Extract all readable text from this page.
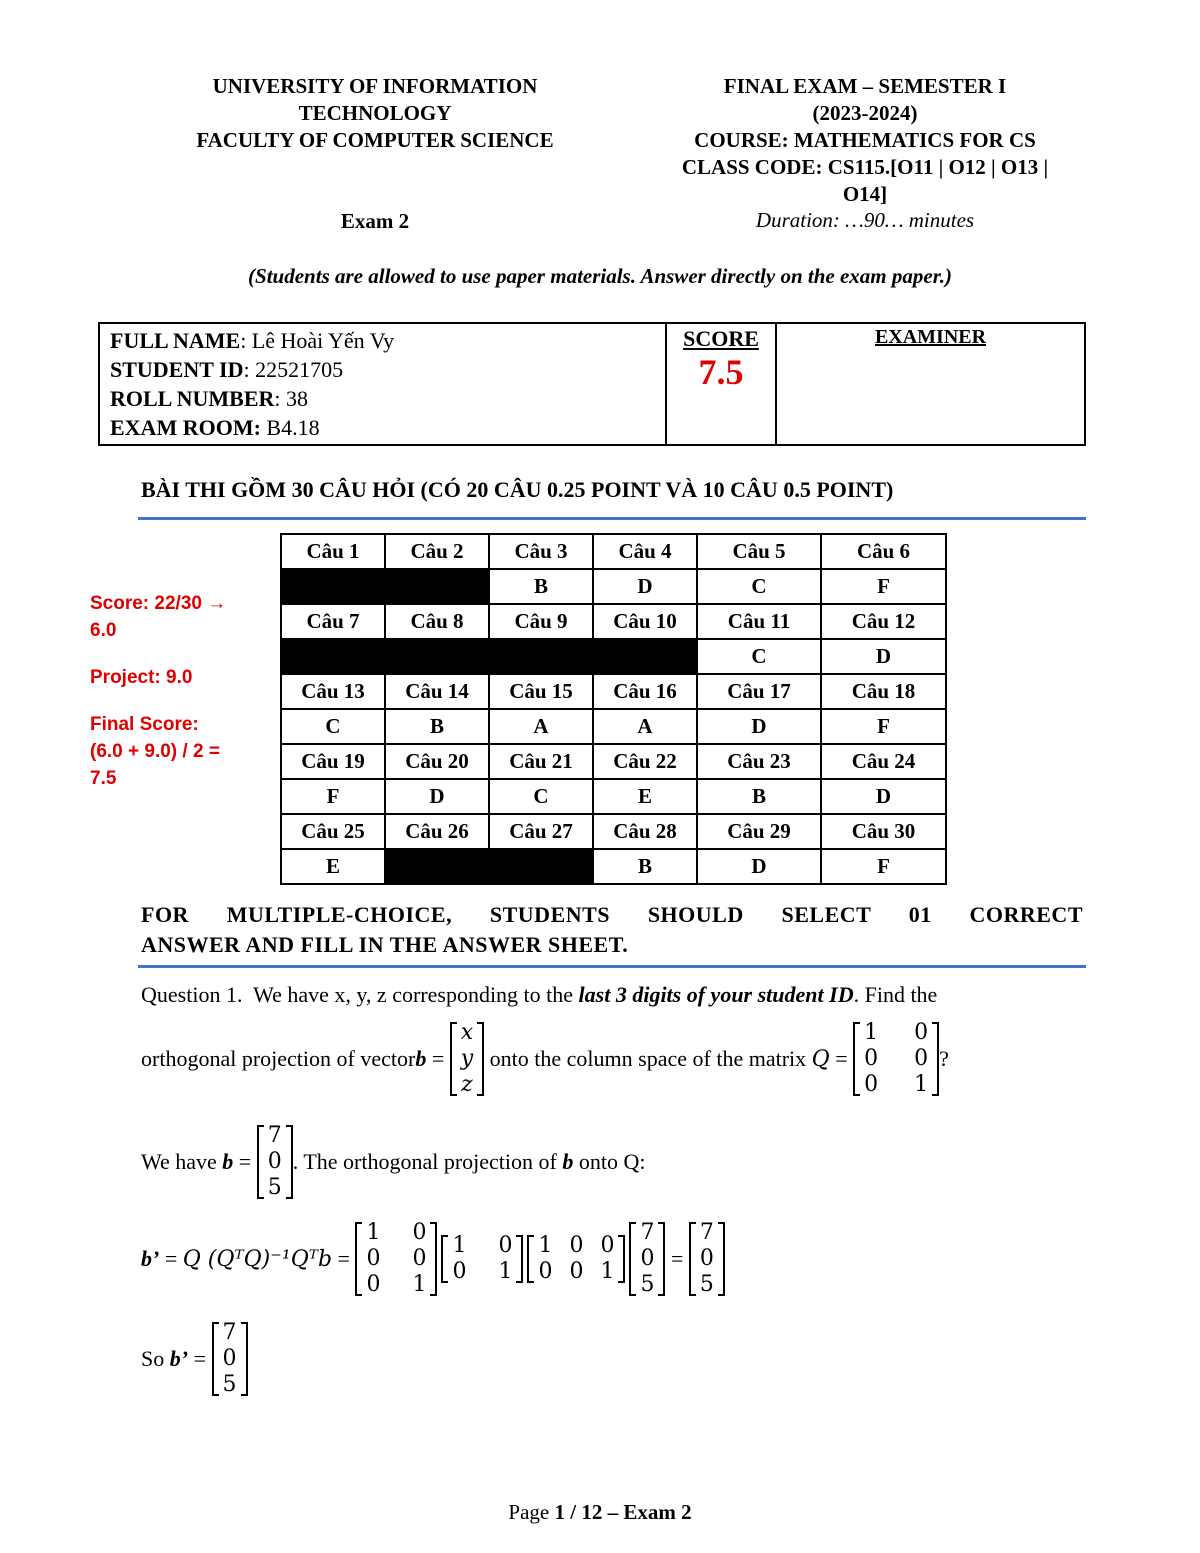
UNIVERSITY OF INFORMATION
TECHNOLOGY
FACULTY OF COMPUTER SCIENCE
FINAL EXAM – SEMESTER I
(2023-2024)
COURSE: MATHEMATICS FOR CS
CLASS CODE: CS115.[O11 | O12 | O13 |
O14]
Exam 2	Duration: …90… minutes
(Students are allowed to use paper materials. Answer directly on the exam paper.)
FULL NAME: Lê Hoài Yến Vy
STUDENT ID: 22521705
ROLL NUMBER: 38
EXAM ROOM: B4.18

SCORE
7.5

EXAMINER
BÀI THI GỒM 30 CÂU HỎI (CÓ 20 CÂU 0.25 POINT VÀ 10 CÂU 0.5 POINT)
Score: 22/30 →
6.0
Project: 9.0
Final Score:
(6.0 + 9.0) / 2 =
7.5
Câu 1	Câu 2	Câu 3	Câu 4	Câu 5	Câu 6
		B	D	C	F
Câu 7	Câu 8	Câu 9	Câu 10	Câu 11	Câu 12
				C	D
Câu 13	Câu 14	Câu 15	Câu 16	Câu 17	Câu 18
C	B	A	A	D	F
Câu 19	Câu 20	Câu 21	Câu 22	Câu 23	Câu 24
F	D	C	E	B	D
Câu 25	Câu 26	Câu 27	Câu 28	Câu 29	Câu 30
E			B	D	F
FOR MULTIPLE-CHOICE, STUDENTS SHOULD SELECT 01 CORRECT
ANSWER AND FILL IN THE ANSWER SHEET.
Question 1. We have x, y, z corresponding to the last 3 digits of your student ID. Find the
orthogonal projection of vector b =
x
y
z
onto the column space of the matrix Q =
1		0
0		0
0		1
?
We have b =
7
0
5
. The orthogonal projection of b onto Q:
b’ = Q (QᵀQ)⁻¹Qᵀb =
1		0
0		0
0		1
1		0
0		1
1	0	0
0	0	1
7
0
5
=
7
0
5
So b’ =
7
0
5
Page 1 / 12 – Exam 2
